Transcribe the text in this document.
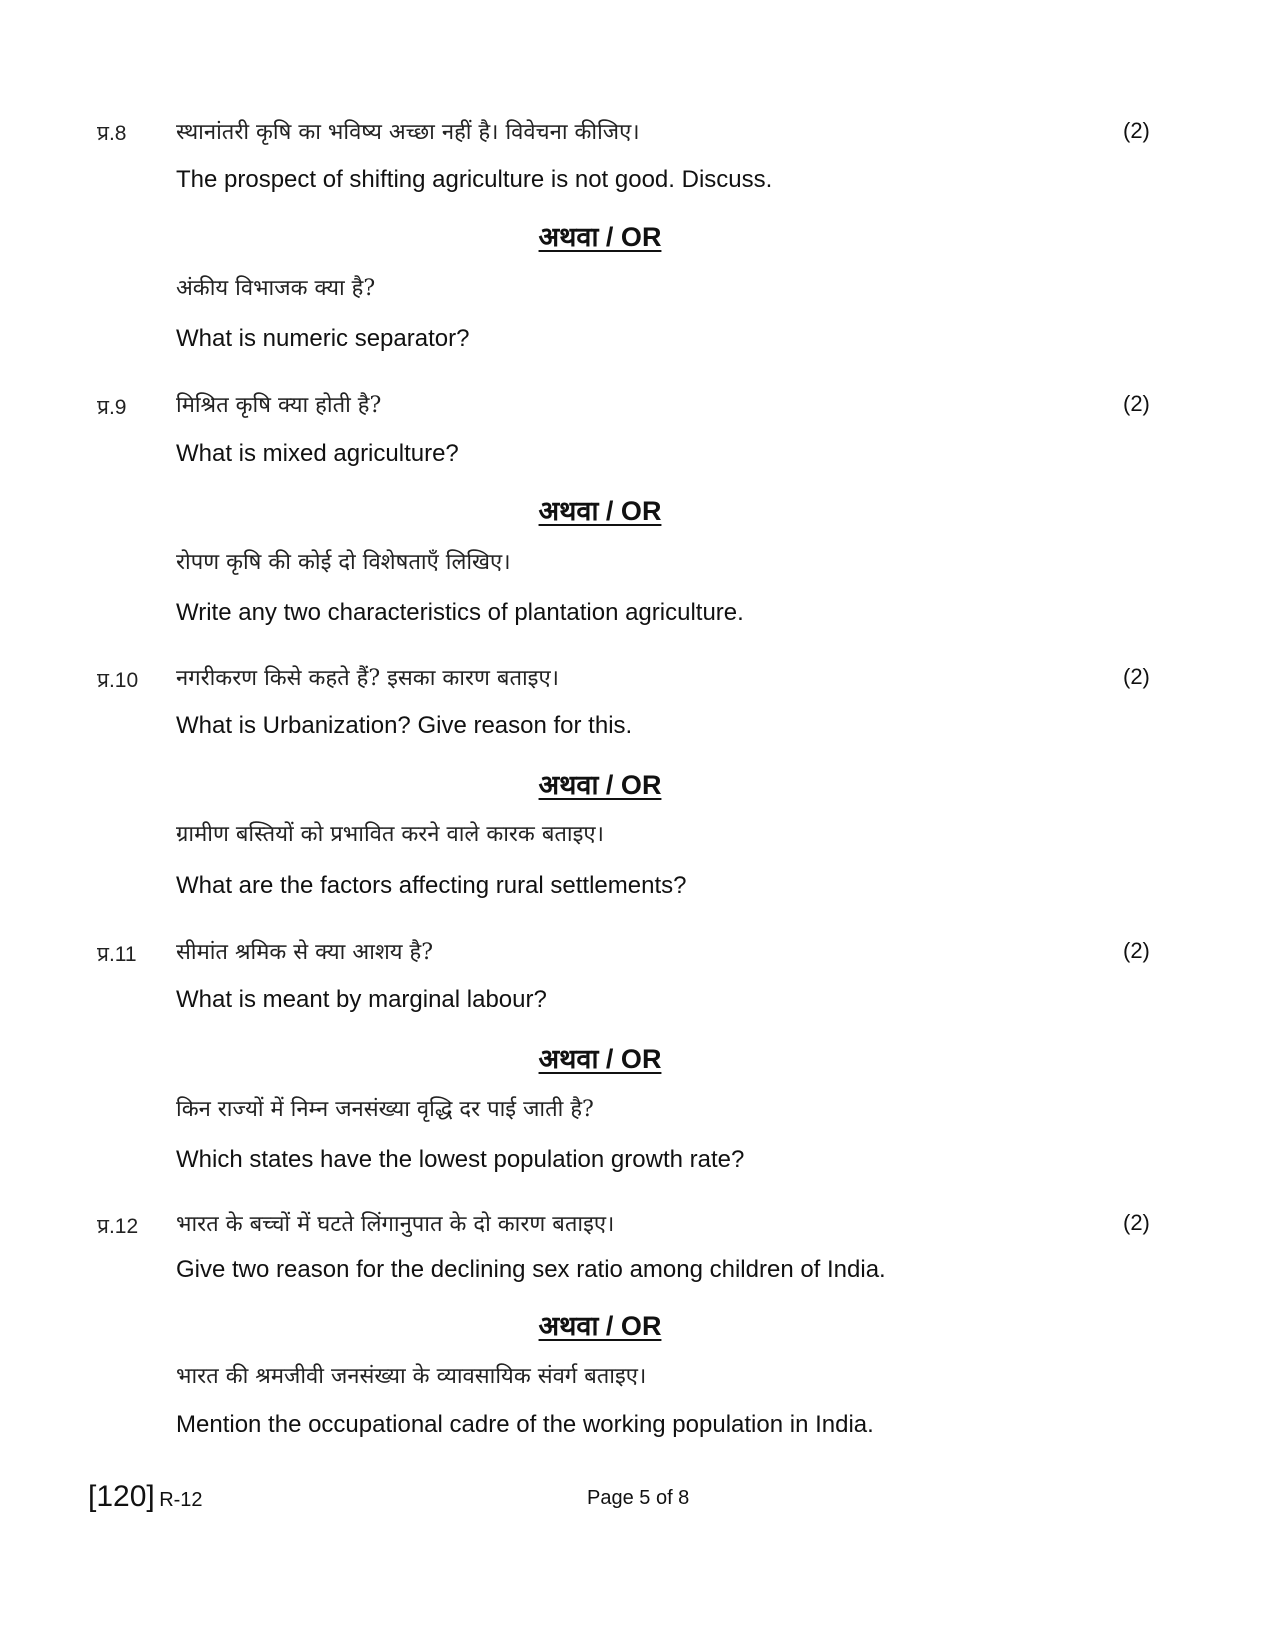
प्र.8 स्थानांतरी कृषि का भविष्य अच्छा नहीं है। विवेचना कीजिए।	(2)
The prospect of shifting agriculture is not good. Discuss.
अथवा / OR
अंकीय विभाजक क्या है?
What is numeric separator?
प्र.9 मिश्रित कृषि क्या होती है?	(2)
What is mixed agriculture?
अथवा / OR
रोपण कृषि की कोई दो विशेषताएँ लिखिए।
Write any two characteristics of plantation agriculture.
प्र.10 नगरीकरण किसे कहते हैं? इसका कारण बताइए।	(2)
What is Urbanization? Give reason for this.
अथवा / OR
ग्रामीण बस्तियों को प्रभावित करने वाले कारक बताइए।
What are the factors affecting rural settlements?
प्र.11 सीमांत श्रमिक से क्या आशय है?	(2)
What is meant by marginal labour?
अथवा / OR
किन राज्यों में निम्न जनसंख्या वृद्धि दर पाई जाती है?
Which states have the lowest population growth rate?
प्र.12 भारत के बच्चों में घटते लिंगानुपात के दो कारण बताइए।	(2)
Give two reason for the declining sex ratio among children of India.
अथवा / OR
भारत की श्रमजीवी जनसंख्या के व्यावसायिक संवर्ग बताइए।
Mention the occupational cadre of the working population in India.
[120] R-12	Page 5 of 8
